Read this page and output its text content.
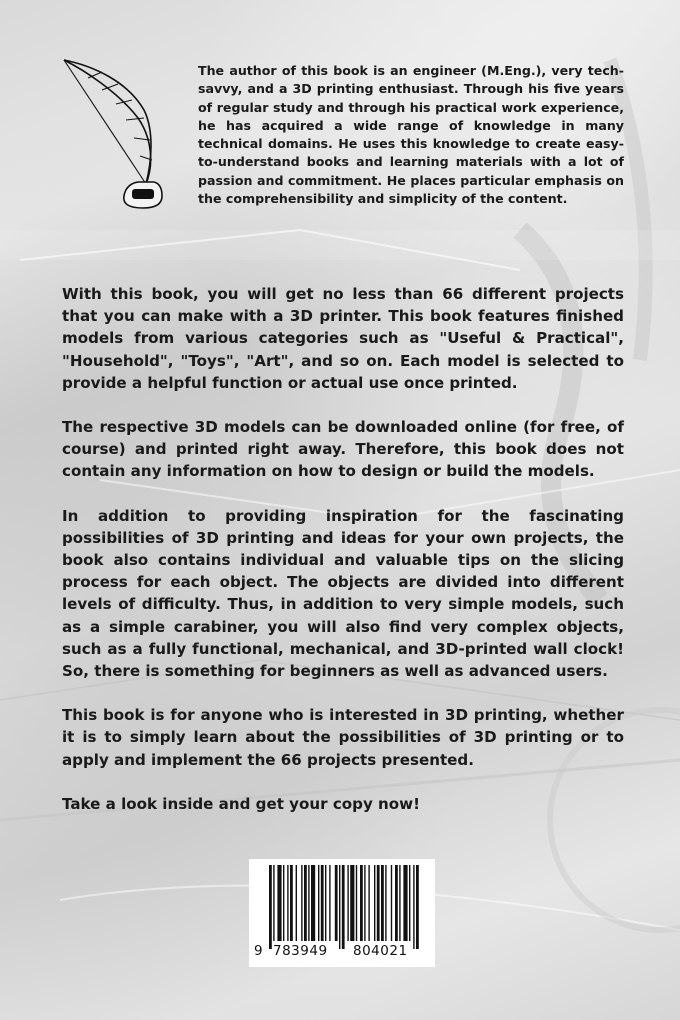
The author of this book is an engineer (M.Eng.), very tech-savvy, and a 3D printing enthusiast. Through his five years of regular study and through his practical work experience, he has acquired a wide range of knowledge in many technical domains. He uses this knowledge to create easy-to-understand books and learning materials with a lot of passion and commitment. He places particular emphasis on the comprehensibility and simplicity of the content.

With this book, you will get no less than 66 different projects that you can make with a 3D printer. This book features finished models from various categories such as "Useful & Practical", "Household", "Toys", "Art", and so on. Each model is selected to provide a helpful function or actual use once printed.

The respective 3D models can be downloaded online (for free, of course) and printed right away. Therefore, this book does not contain any information on how to design or build the models.

In addition to providing inspiration for the fascinating possibilities of 3D printing and ideas for your own projects, the book also contains individual and valuable tips on the slicing process for each object. The objects are divided into different levels of difficulty. Thus, in addition to very simple models, such as a simple carabiner, you will also find very complex objects, such as a fully functional, mechanical, and 3D-printed wall clock! So, there is something for beginners as well as advanced users.

This book is for anyone who is interested in 3D printing, whether it is to simply learn about the possibilities of 3D printing or to apply and implement the 66 projects presented.

Take a look inside and get your copy now!

9 783949 804021
